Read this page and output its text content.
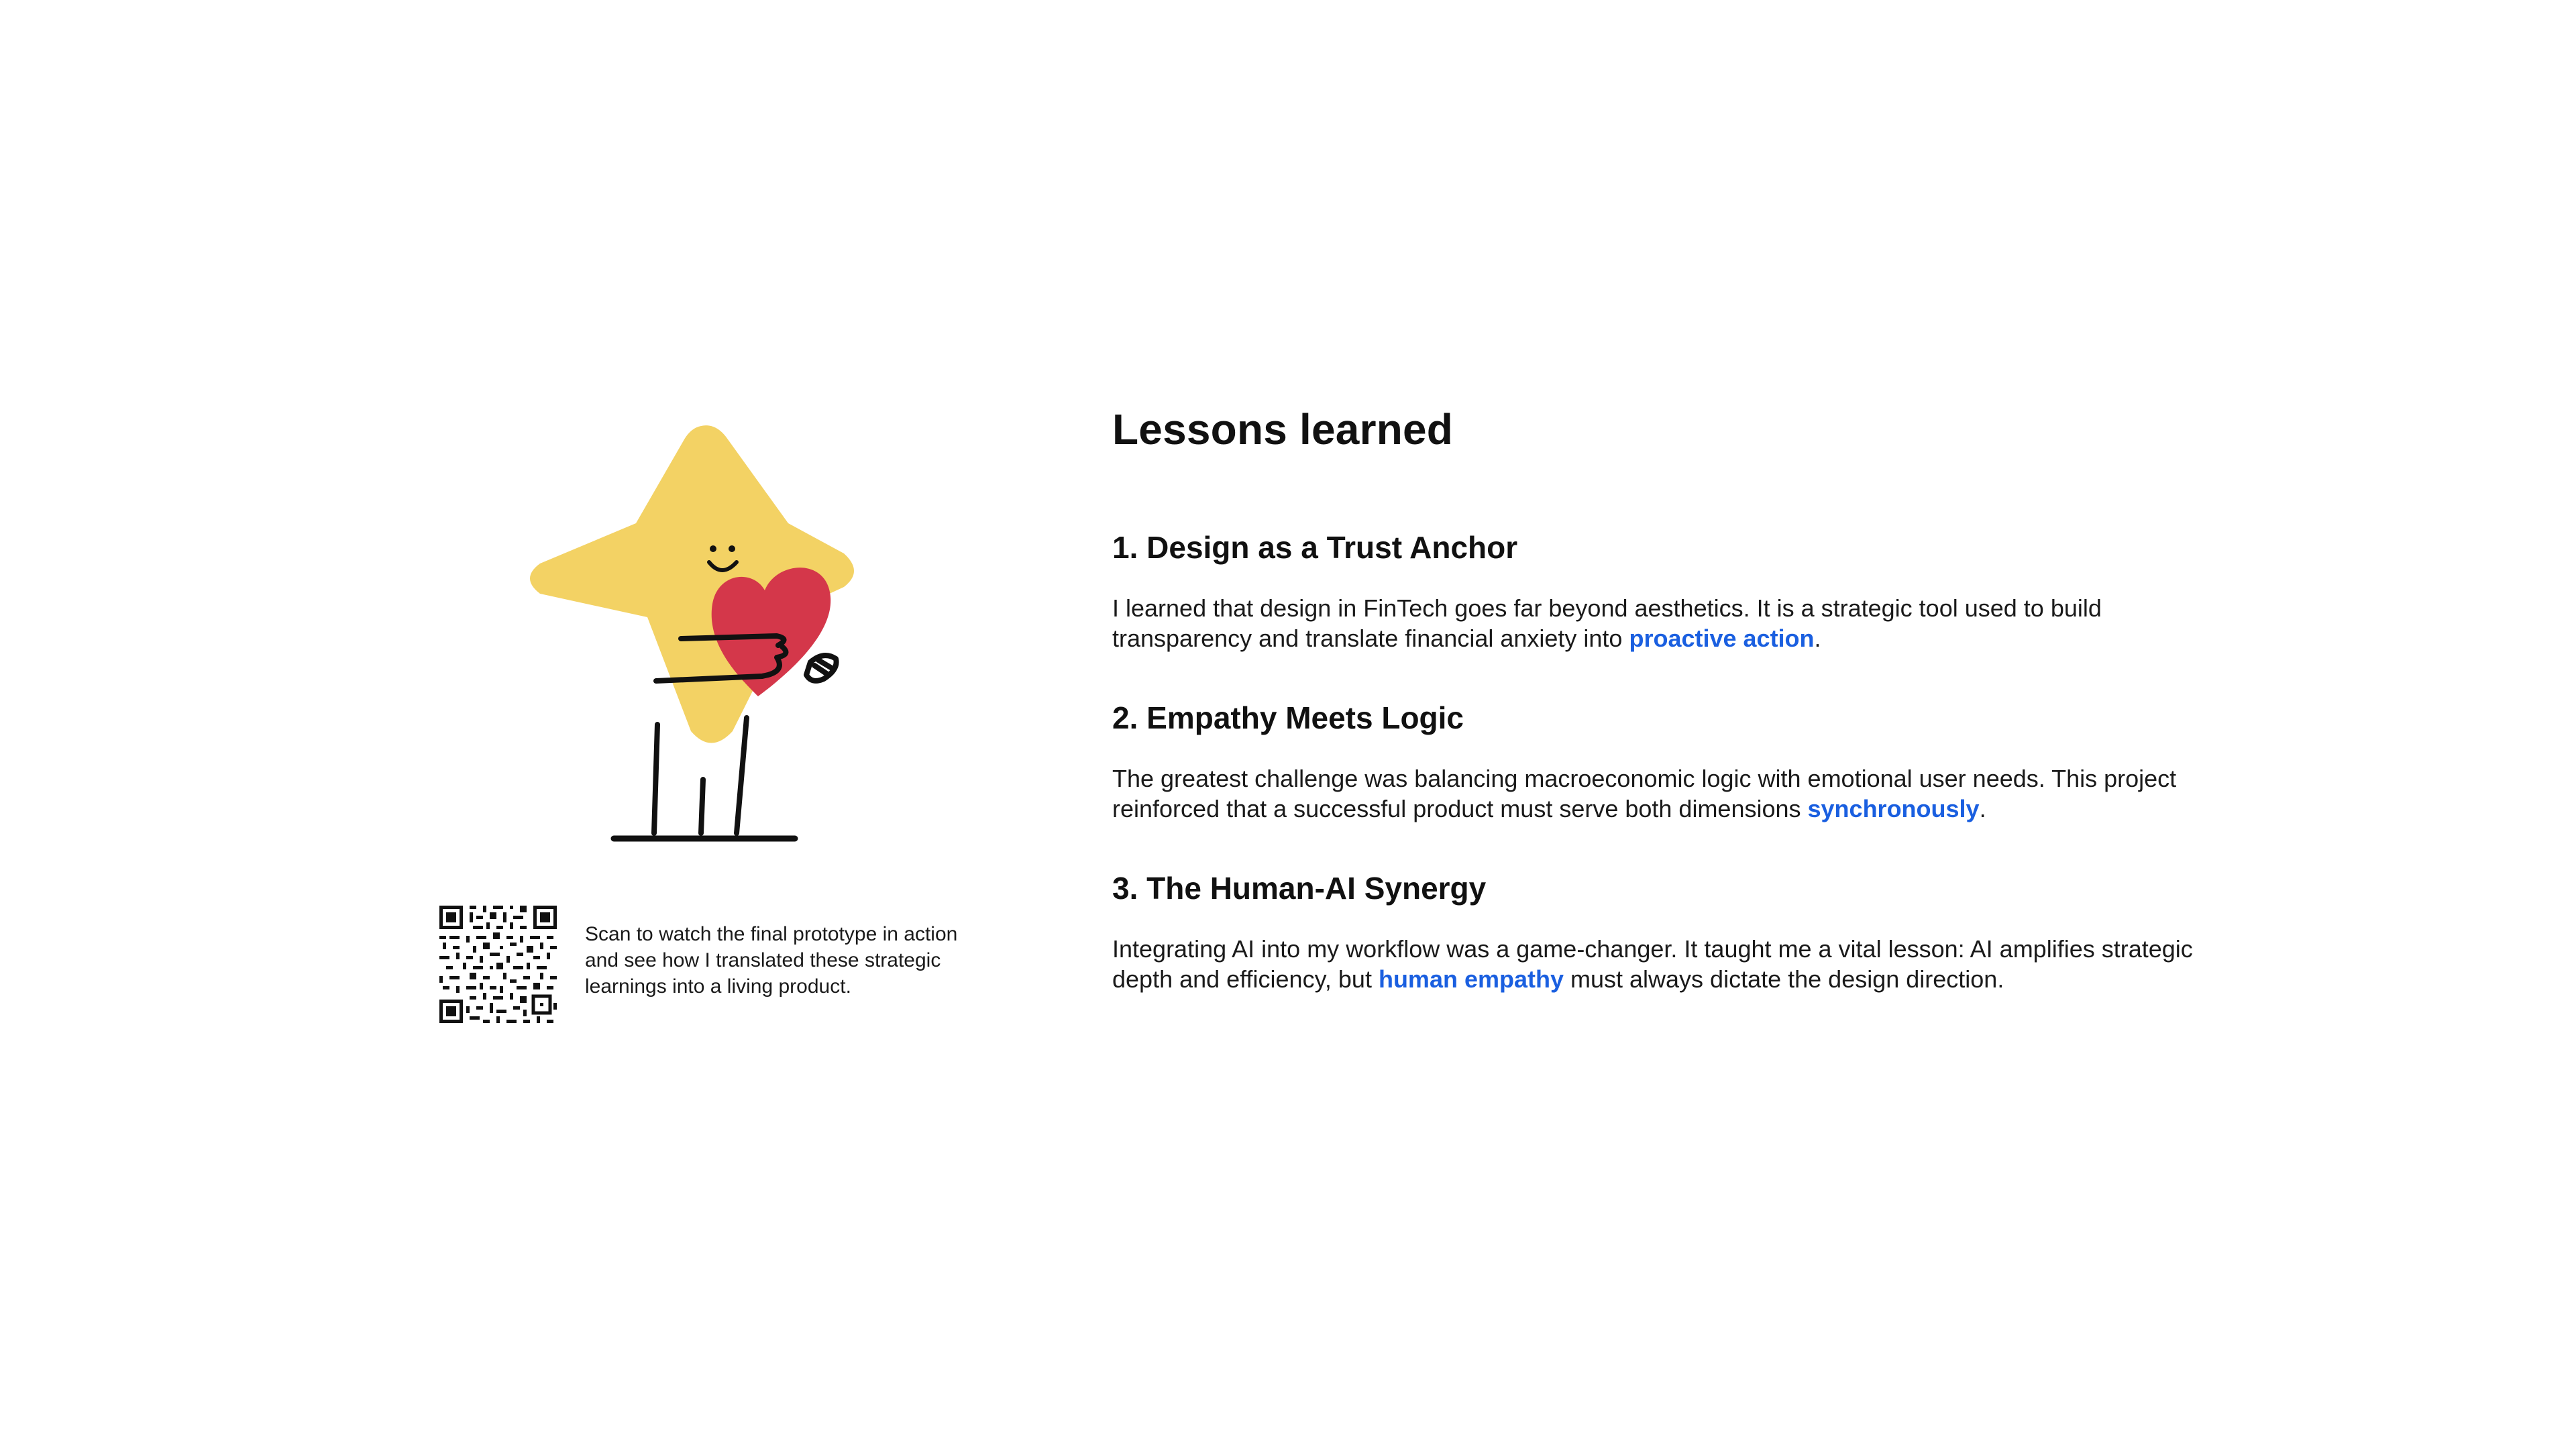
Scan to watch the final prototype in action and see how I translated these strategic learnings into a living product.
Lessons learned
1. Design as a Trust Anchor

I learned that design in FinTech goes far beyond aesthetics. It is a strategic tool used to build transparency and translate financial anxiety into proactive action.

2. Empathy Meets Logic

The greatest challenge was balancing macroeconomic logic with emotional user needs. This project reinforced that a successful product must serve both dimensions synchronously.

3. The Human-AI Synergy

Integrating AI into my workflow was a game-changer. It taught me a vital lesson: AI amplifies strategic depth and efficiency, but human empathy must always dictate the design direction.
